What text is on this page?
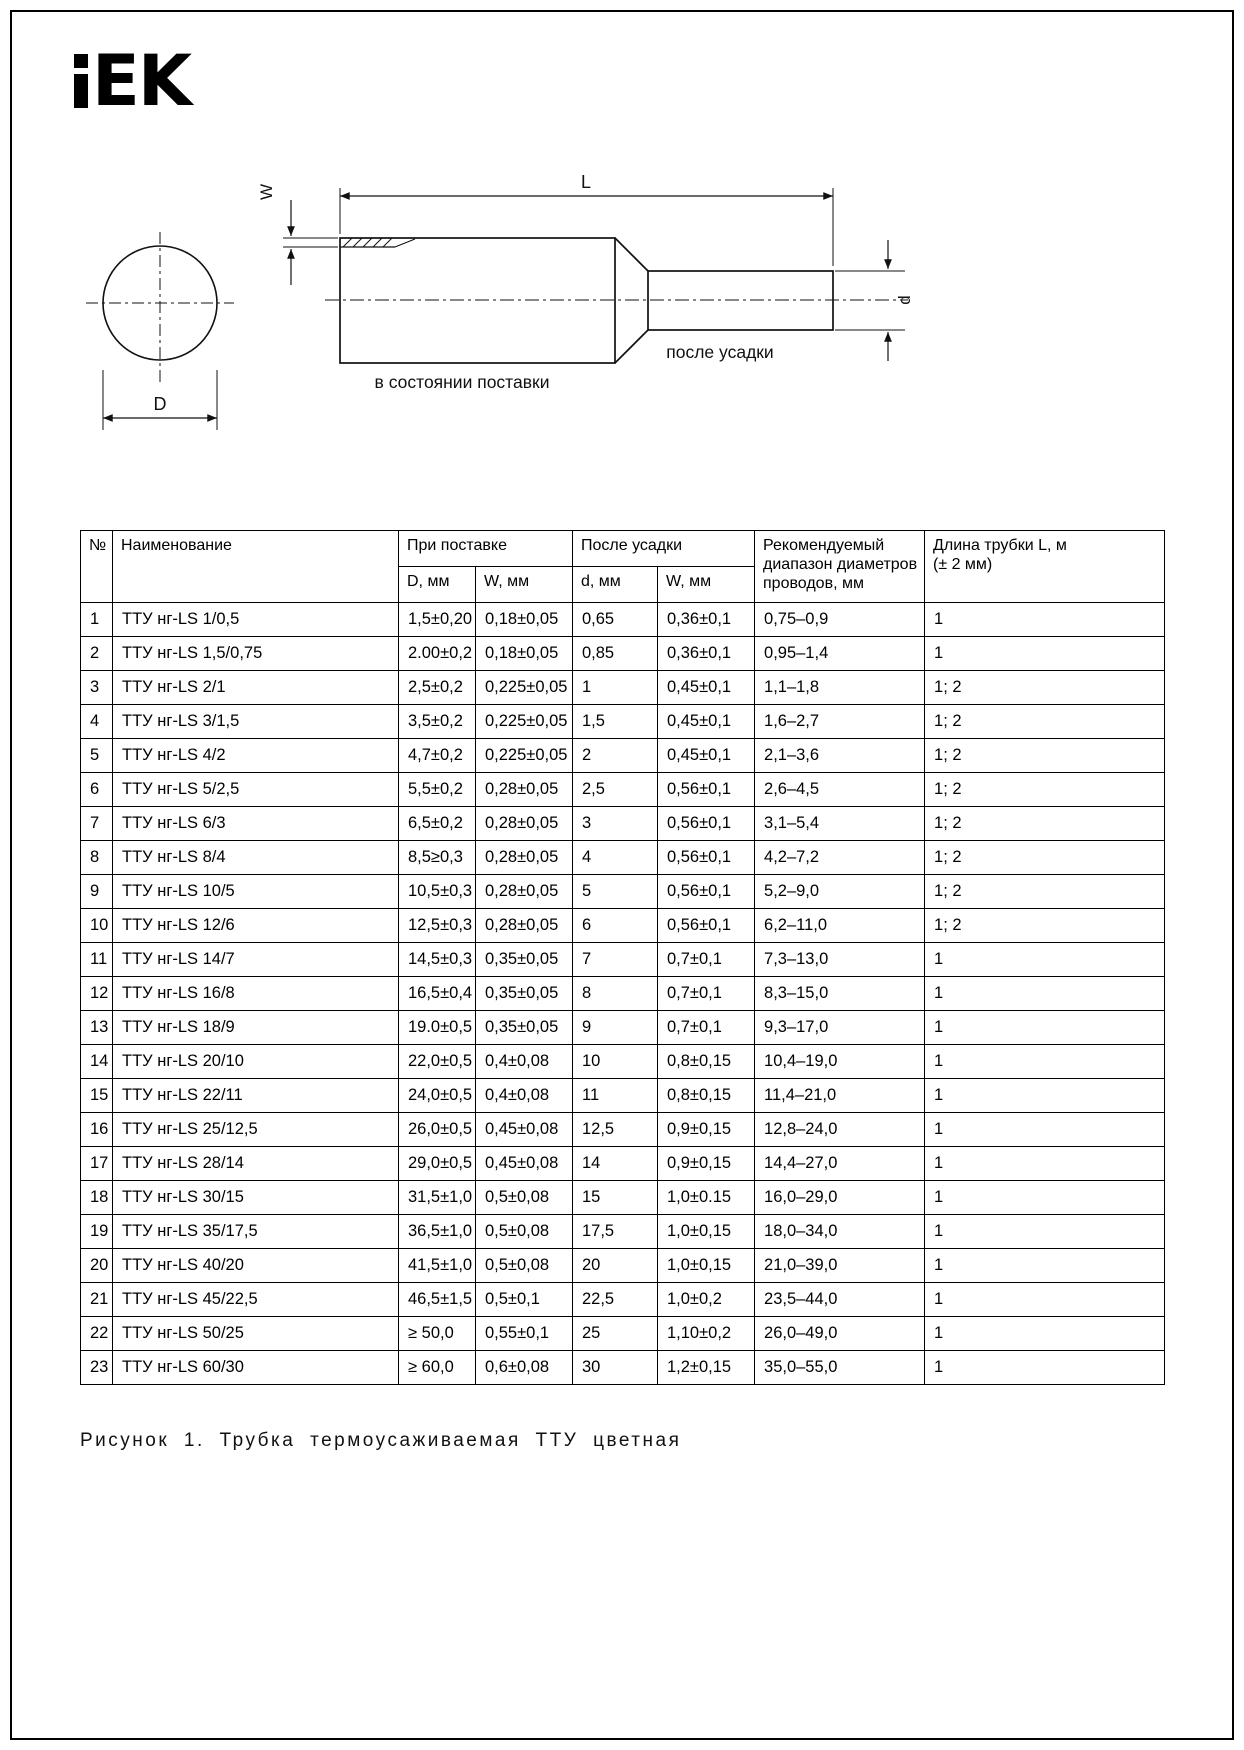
EK
D
L
W
d
после усадки
в состоянии поставки
№	Наименование	При поставке		После усадки		Рекомендуемый диапазон диаметров проводов, мм	Длина трубки L, м
(± 2 мм)

		D, мм	W, мм	d, мм	W, мм		
1	ТТУ нг-LS 1/0,5	1,5±0,20	0,18±0,05	0,65	0,36±0,1	0,75–0,9	1
2	ТТУ нг-LS 1,5/0,75	2.00±0,2	0,18±0,05	0,85	0,36±0,1	0,95–1,4	1
3	ТТУ нг-LS 2/1	2,5±0,2	0,225±0,05	1	0,45±0,1	1,1–1,8	1; 2
4	ТТУ нг-LS 3/1,5	3,5±0,2	0,225±0,05	1,5	0,45±0,1	1,6–2,7	1; 2
5	ТТУ нг-LS 4/2	4,7±0,2	0,225±0,05	2	0,45±0,1	2,1–3,6	1; 2
6	ТТУ нг-LS 5/2,5	5,5±0,2	0,28±0,05	2,5	0,56±0,1	2,6–4,5	1; 2
7	ТТУ нг-LS 6/3	6,5±0,2	0,28±0,05	3	0,56±0,1	3,1–5,4	1; 2
8	ТТУ нг-LS 8/4	8,5≥0,3	0,28±0,05	4	0,56±0,1	4,2–7,2	1; 2
9	ТТУ нг-LS 10/5	10,5±0,3	0,28±0,05	5	0,56±0,1	5,2–9,0	1; 2
10	ТТУ нг-LS 12/6	12,5±0,3	0,28±0,05	6	0,56±0,1	6,2–11,0	1; 2
11	ТТУ нг-LS 14/7	14,5±0,3	0,35±0,05	7	0,7±0,1	7,3–13,0	1
12	ТТУ нг-LS 16/8	16,5±0,4	0,35±0,05	8	0,7±0,1	8,3–15,0	1
13	ТТУ нг-LS 18/9	19.0±0,5	0,35±0,05	9	0,7±0,1	9,3–17,0	1
14	ТТУ нг-LS 20/10	22,0±0,5	0,4±0,08	10	0,8±0,15	10,4–19,0	1
15	ТТУ нг-LS 22/11	24,0±0,5	0,4±0,08	11	0,8±0,15	11,4–21,0	1
16	ТТУ нг-LS 25/12,5	26,0±0,5	0,45±0,08	12,5	0,9±0,15	12,8–24,0	1
17	ТТУ нг-LS 28/14	29,0±0,5	0,45±0,08	14	0,9±0,15	14,4–27,0	1
18	ТТУ нг-LS 30/15	31,5±1,0	0,5±0,08	15	1,0±0.15	16,0–29,0	1
19	ТТУ нг-LS 35/17,5	36,5±1,0	0,5±0,08	17,5	1,0±0,15	18,0–34,0	1
20	ТТУ нг-LS 40/20	41,5±1,0	0,5±0,08	20	1,0±0,15	21,0–39,0	1
21	ТТУ нг-LS 45/22,5	46,5±1,5	0,5±0,1	22,5	1,0±0,2	23,5–44,0	1
22	ТТУ нг-LS 50/25	≥ 50,0	0,55±0,1	25	1,10±0,2	26,0–49,0	1
23	ТТУ нг-LS 60/30	≥ 60,0	0,6±0,08	30	1,2±0,15	35,0–55,0	1
Рисунок 1. Трубка термоусаживаемая ТТУ цветная
